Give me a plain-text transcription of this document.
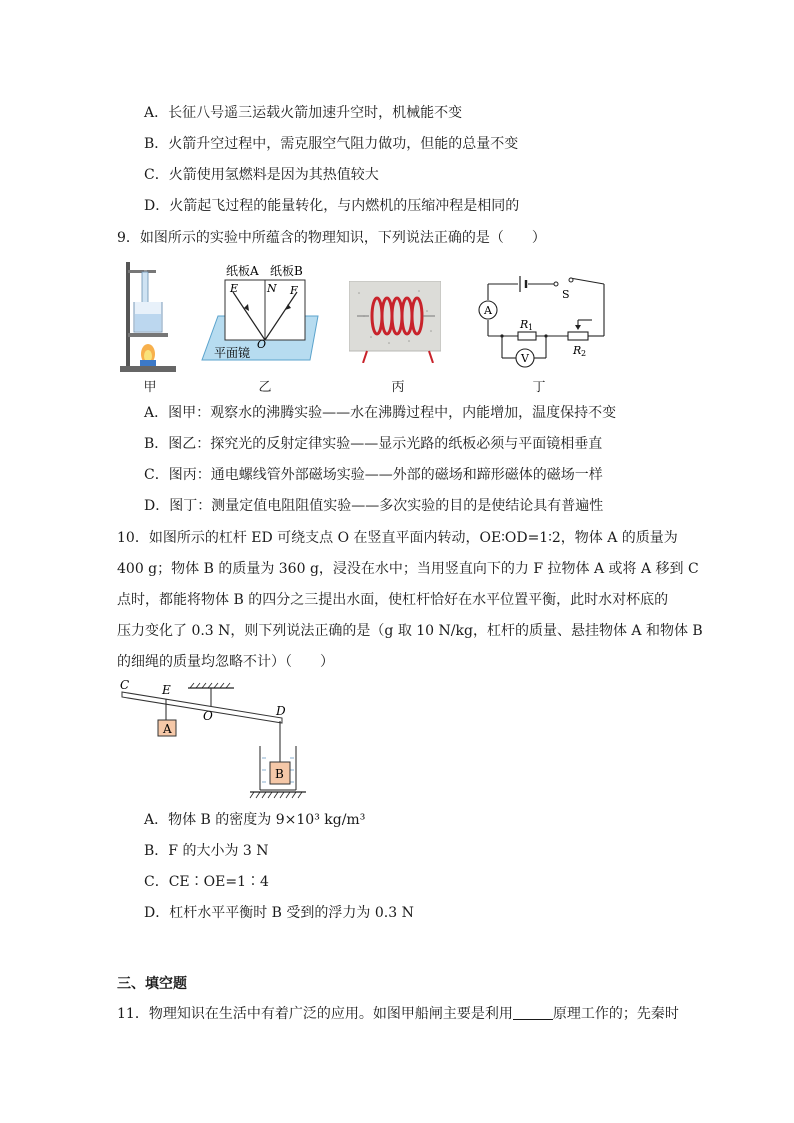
A．长征八号遥三运载火箭加速升空时，机械能不变
B．火箭升空过程中，需克服空气阻力做功，但能的总量不变
C．火箭使用氢燃料是因为其热值较大
D．火箭起飞过程的能量转化，与内燃机的压缩冲程是相同的
9．如图所示的实验中所蕴含的物理知识，下列说法正确的是（　　）
纸板A 纸板B
E	N F
O
平面镜
A
V
S
R 1
R 2
甲	乙	丙	丁
A．图甲：观察水的沸腾实验——水在沸腾过程中，内能增加，温度保持不变
B．图乙：探究光的反射定律实验——显示光路的纸板必须与平面镜相垂直
C．图丙：通电螺线管外部磁场实验——外部的磁场和蹄形磁体的磁场一样
D．图丁：测量定值电阻阻值实验——多次实验的目的是使结论具有普遍性
10．如图所示的杠杆 ED 可绕支点 O 在竖直平面内转动，OE∶OD=1∶2，物体 A 的质量为
400 g；物体 B 的质量为 360 g，浸没在水中；当用竖直向下的力 F 拉物体 A 或将 A 移到 C
点时，都能将物体 B 的四分之三提出水面，使杠杆恰好在水平位置平衡，此时水对杯底的
压力变化了 0.3 N，则下列说法正确的是（g 取 10 N/kg，杠杆的质量、悬挂物体 A 和物体 B
的细绳的质量均忽略不计）（　　）
C	E
O	D
A
B
A．物体 B 的密度为 9×10³ kg/m³
B．F 的大小为 3 N
C．CE∶OE=1∶4
D．杠杆水平平衡时 B 受到的浮力为 0.3 N
三、填空题
11．物理知识在生活中有着广泛的应用。如图甲船闸主要是利用	原理工作的；先秦时
